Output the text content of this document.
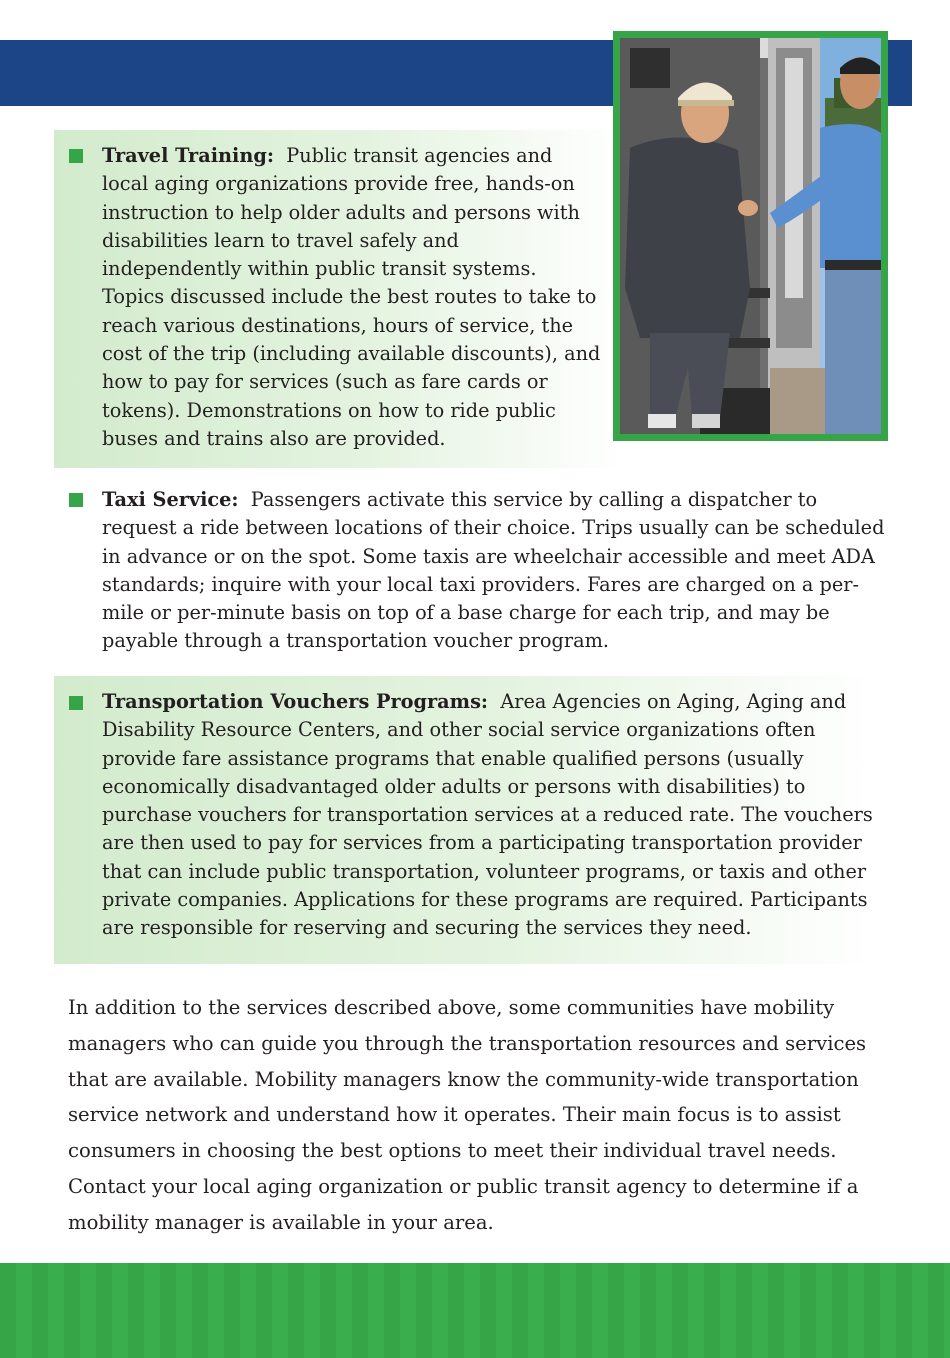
Travel Training: Public transit agencies and local aging organizations provide free, hands-on instruction to help older adults and persons with disabilities learn to travel safely and independently within public transit systems. Topics discussed include the best routes to take to reach various destinations, hours of service, the cost of the trip (including available discounts), and how to pay for services (such as fare cards or tokens). Demonstrations on how to ride public buses and trains also are provided.

Taxi Service: Passengers activate this service by calling a dispatcher to request a ride between locations of their choice. Trips usually can be scheduled in advance or on the spot. Some taxis are wheelchair accessible and meet ADA standards; inquire with your local taxi providers. Fares are charged on a per-mile or per-minute basis on top of a base charge for each trip, and may be payable through a transportation voucher program.

Transportation Vouchers Programs: Area Agencies on Aging, Aging and Disability Resource Centers, and other social service organizations often provide fare assistance programs that enable qualified persons (usually economically disadvantaged older adults or persons with disabilities) to purchase vouchers for transportation services at a reduced rate. The vouchers are then used to pay for services from a participating transportation provider that can include public transportation, volunteer programs, or taxis and other private companies. Applications for these programs are required. Participants are responsible for reserving and securing the services they need.

In addition to the services described above, some communities have mobility managers who can guide you through the transportation resources and services that are available. Mobility managers know the community-wide transportation service network and understand how it operates. Their main focus is to assist consumers in choosing the best options to meet their individual travel needs. Contact your local aging organization or public transit agency to determine if a mobility manager is available in your area.
